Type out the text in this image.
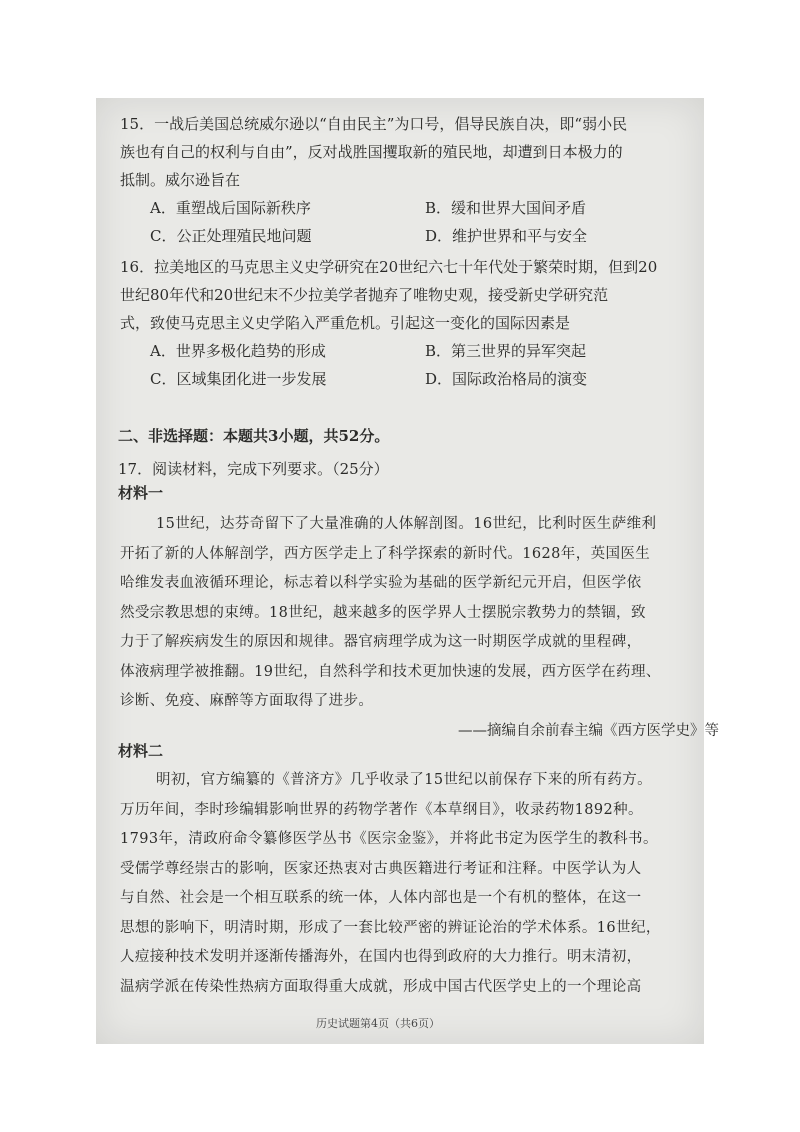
15．一战后美国总统威尔逊以“自由民主”为口号，倡导民族自决，即“弱小民
族也有自己的权利与自由”，反对战胜国攫取新的殖民地，却遭到日本极力的
抵制。威尔逊旨在
A．重塑战后国际新秩序	B．缓和世界大国间矛盾
C．公正处理殖民地问题	D．维护世界和平与安全
16．拉美地区的马克思主义史学研究在20世纪六七十年代处于繁荣时期，但到20
世纪80年代和20世纪末不少拉美学者抛弃了唯物史观，接受新史学研究范
式，致使马克思主义史学陷入严重危机。引起这一变化的国际因素是
A．世界多极化趋势的形成	B．第三世界的异军突起
C．区域集团化进一步发展	D．国际政治格局的演变
二、非选择题：本题共3小题，共52分。
17．阅读材料，完成下列要求。（25分）
材料一
15世纪，达芬奇留下了大量准确的人体解剖图。16世纪，比利时医生萨维利
开拓了新的人体解剖学，西方医学走上了科学探索的新时代。1628年，英国医生
哈维发表血液循环理论，标志着以科学实验为基础的医学新纪元开启，但医学依
然受宗教思想的束缚。18世纪，越来越多的医学界人士摆脱宗教势力的禁锢，致
力于了解疾病发生的原因和规律。器官病理学成为这一时期医学成就的里程碑，
体液病理学被推翻。19世纪，自然科学和技术更加快速的发展，西方医学在药理、
诊断、免疫、麻醉等方面取得了进步。
——摘编自余前春主编《西方医学史》等
材料二
明初，官方编纂的《普济方》几乎收录了15世纪以前保存下来的所有药方。
万历年间，李时珍编辑影响世界的药物学著作《本草纲目》，收录药物1892种。
1793年，清政府命令纂修医学丛书《医宗金鉴》，并将此书定为医学生的教科书。
受儒学尊经崇古的影响，医家还热衷对古典医籍进行考证和注释。中医学认为人
与自然、社会是一个相互联系的统一体，人体内部也是一个有机的整体，在这一
思想的影响下，明清时期，形成了一套比较严密的辨证论治的学术体系。16世纪，
人痘接种技术发明并逐渐传播海外，在国内也得到政府的大力推行。明末清初，
温病学派在传染性热病方面取得重大成就，形成中国古代医学史上的一个理论高
历史试题第4页（共6页）
